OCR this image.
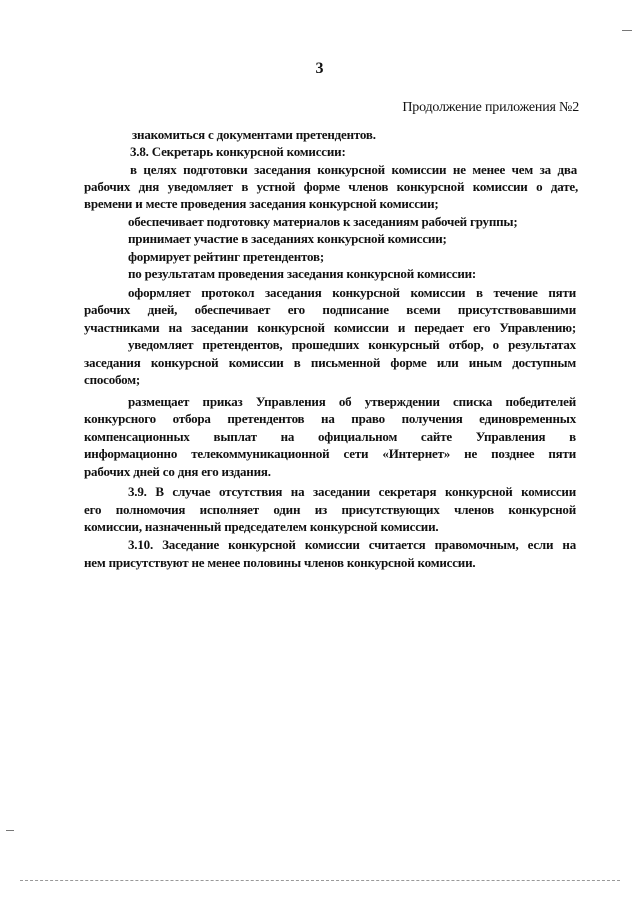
3
Продолжение приложения №2
знакомиться с документами претендентов.
3.8. Секретарь конкурсной комиссии:
в целях подготовки заседания конкурсной комиссии не менее чем за два
рабочих дня уведомляет в устной форме членов конкурсной комиссии о дате,
времени и месте проведения заседания конкурсной комиссии;
обеспечивает подготовку материалов к заседаниям рабочей группы;
принимает участие в заседаниях конкурсной комиссии;
формирует рейтинг претендентов;
по результатам проведения заседания конкурсной комиссии:
оформляет протокол заседания конкурсной комиссии в течение пяти
рабочих дней, обеспечивает его подписание всеми присутствовавшими
участниками на заседании конкурсной комиссии и передает его Управлению;
уведомляет претендентов, прошедших конкурсный отбор, о результатах
заседания конкурсной комиссии в письменной форме или иным доступным
способом;
размещает приказ Управления об утверждении списка победителей
конкурсного отбора претендентов на право получения единовременных
компенсационных выплат на официальном сайте Управления в
информационно телекоммуникационной сети «Интернет» не позднее пяти
рабочих дней со дня его издания.
3.9. В случае отсутствия на заседании секретаря конкурсной комиссии
его полномочия исполняет один из присутствующих членов конкурсной
комиссии, назначенный председателем конкурсной комиссии.
3.10. Заседание конкурсной комиссии считается правомочным, если на
нем присутствуют не менее половины членов конкурсной комиссии.
